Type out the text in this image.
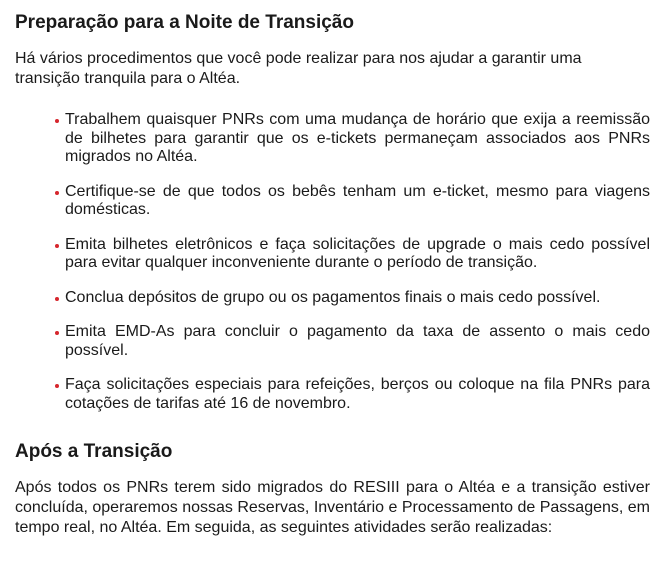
Preparação para a Noite de Transição

Há vários procedimentos que você pode realizar para nos ajudar a garantir uma transição tranquila para o Altéa.

Trabalhem quaisquer PNRs com uma mudança de horário que exija a reemissão de bilhetes para garantir que os e-tickets permaneçam associados aos PNRs migrados no Altéa.
Certifique-se de que todos os bebês tenham um e-ticket, mesmo para viagens domésticas.
Emita bilhetes eletrônicos e faça solicitações de upgrade o mais cedo possível para evitar qualquer inconveniente durante o período de transição.
Conclua depósitos de grupo ou os pagamentos finais o mais cedo possível.
Emita EMD-As para concluir o pagamento da taxa de assento o mais cedo possível.
Faça solicitações especiais para refeições, berços ou coloque na fila PNRs para cotações de tarifas até 16 de novembro.
Após a Transição

Após todos os PNRs terem sido migrados do RESIII para o Altéa e a transição estiver concluída, operaremos nossas Reservas, Inventário e Processamento de Passagens, em tempo real, no Altéa. Em seguida, as seguintes atividades serão realizadas:
